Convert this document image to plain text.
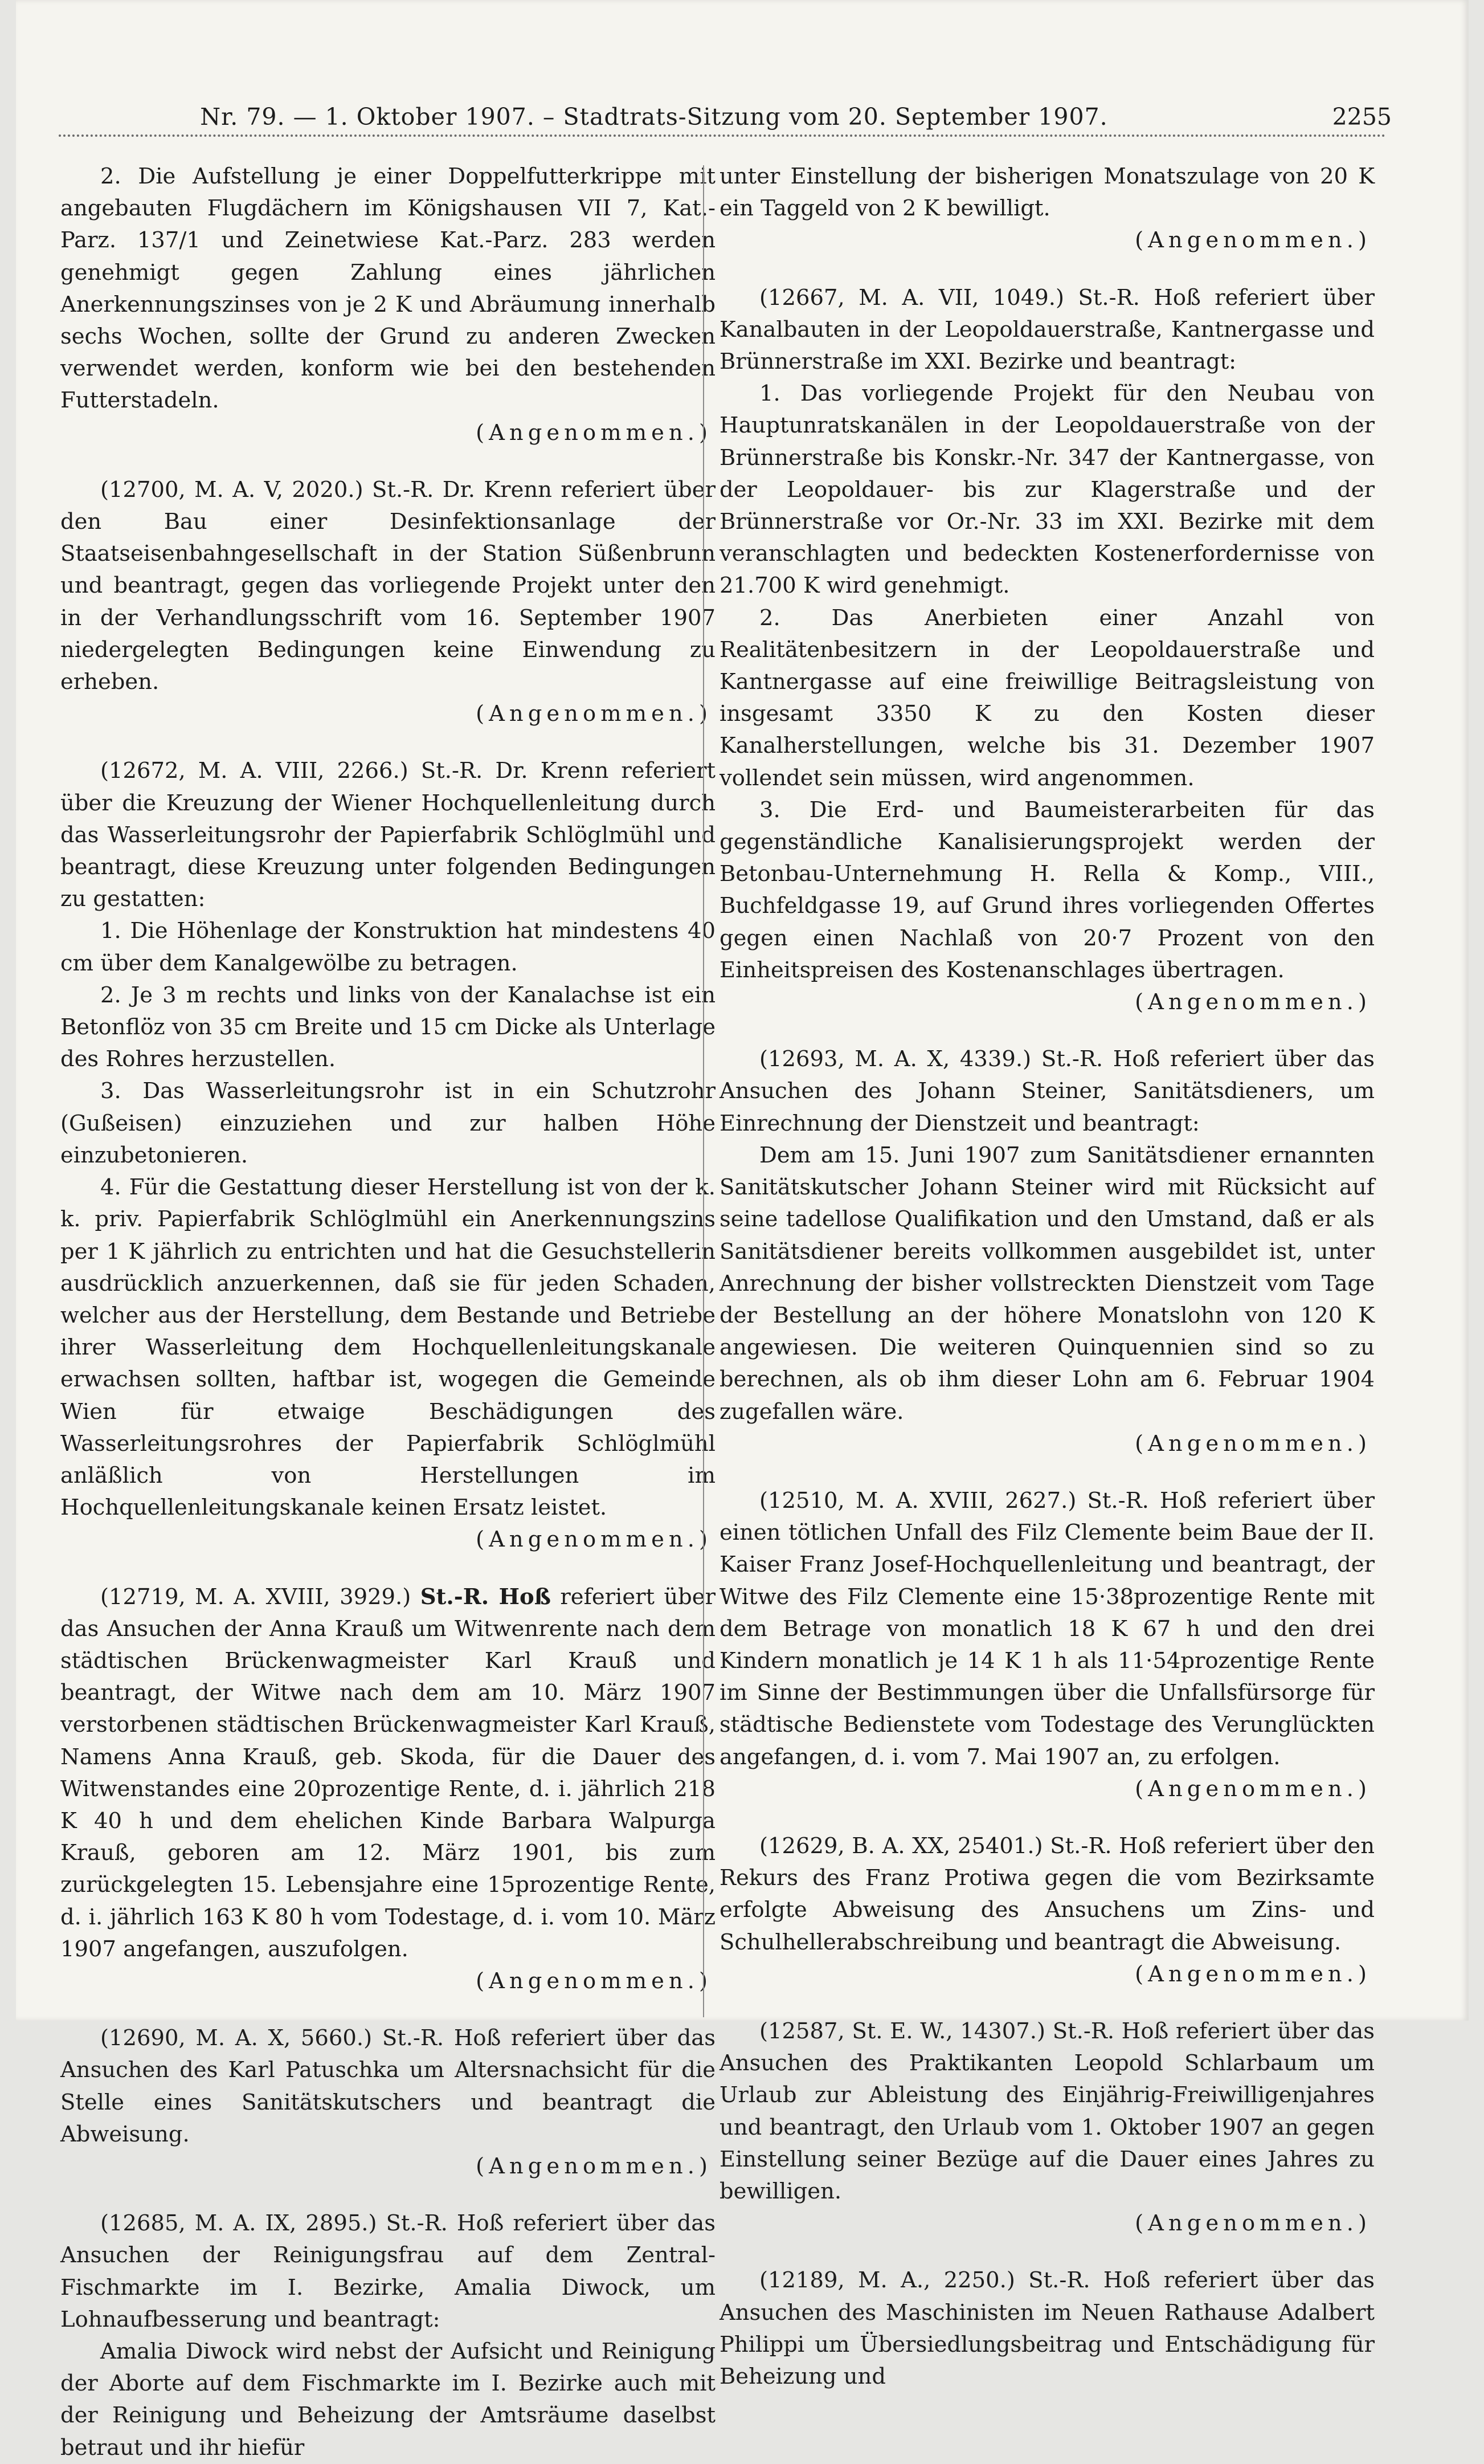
Nr. 79. — 1. Oktober 1907. – Stadtrats-Sitzung vom 20. September 1907.	2255

2. Die Aufstellung je einer Doppelfutterkrippe mit angebauten Flugdächern im Königshausen VII 7, Kat.-Parz. 137/1 und Zeinetwiese Kat.-Parz. 283 werden genehmigt gegen Zahlung eines jährlichen Anerkennungszinses von je 2 K und Abräumung innerhalb sechs Wochen, sollte der Grund zu anderen Zwecken verwendet werden, konform wie bei den bestehenden Futterstadeln.

(Angenommen.)

(12700, M. A. V, 2020.) St.-R. Dr. Krenn referiert über den Bau einer Desinfektionsanlage der Staatseisenbahngesellschaft in der Station Süßenbrunn und beantragt, gegen das vorliegende Projekt unter den in der Verhandlungsschrift vom 16. September 1907 niedergelegten Bedingungen keine Einwendung zu erheben.

(Angenommen.)

(12672, M. A. VIII, 2266.) St.-R. Dr. Krenn referiert über die Kreuzung der Wiener Hochquellenleitung durch das Wasserleitungsrohr der Papierfabrik Schlöglmühl und beantragt, diese Kreuzung unter folgenden Bedingungen zu gestatten:

1. Die Höhenlage der Konstruktion hat mindestens 40 cm über dem Kanalgewölbe zu betragen.

2. Je 3 m rechts und links von der Kanalachse ist ein Betonflöz von 35 cm Breite und 15 cm Dicke als Unterlage des Rohres herzustellen.

3. Das Wasserleitungsrohr ist in ein Schutzrohr (Gußeisen) einzuziehen und zur halben Höhe einzubetonieren.

4. Für die Gestattung dieser Herstellung ist von der k. k. priv. Papierfabrik Schlöglmühl ein Anerkennungszins per 1 K jährlich zu entrichten und hat die Gesuchstellerin ausdrücklich anzuerkennen, daß sie für jeden Schaden, welcher aus der Herstellung, dem Bestande und Betriebe ihrer Wasserleitung dem Hochquellenleitungskanale erwachsen sollten, haftbar ist, wogegen die Gemeinde Wien für etwaige Beschädigungen des Wasserleitungsrohres der Papierfabrik Schlöglmühl anläßlich von Herstellungen im Hochquellenleitungskanale keinen Ersatz leistet.

(Angenommen.)

(12719, M. A. XVIII, 3929.) St.-R. Hoß referiert über das Ansuchen der Anna Krauß um Witwenrente nach dem städtischen Brückenwagmeister Karl Krauß und beantragt, der Witwe nach dem am 10. März 1907 verstorbenen städtischen Brückenwagmeister Karl Krauß, Namens Anna Krauß, geb. Skoda, für die Dauer des Witwenstandes eine 20prozentige Rente, d. i. jährlich 218 K 40 h und dem ehelichen Kinde Barbara Walpurga Krauß, geboren am 12. März 1901, bis zum zurückgelegten 15. Lebensjahre eine 15prozentige Rente, d. i. jährlich 163 K 80 h vom Todestage, d. i. vom 10. März 1907 angefangen, auszufolgen.

(Angenommen.)

(12690, M. A. X, 5660.) St.-R. Hoß referiert über das Ansuchen des Karl Patuschka um Altersnachsicht für die Stelle eines Sanitätskutschers und beantragt die Abweisung.

(Angenommen.)

(12685, M. A. IX, 2895.) St.-R. Hoß referiert über das Ansuchen der Reinigungsfrau auf dem Zentral-Fischmarkte im I. Bezirke, Amalia Diwock, um Lohnaufbesserung und beantragt:

Amalia Diwock wird nebst der Aufsicht und Reinigung der Aborte auf dem Fischmarkte im I. Bezirke auch mit der Reinigung und Beheizung der Amtsräume daselbst betraut und ihr hiefür

unter Einstellung der bisherigen Monatszulage von 20 K ein Taggeld von 2 K bewilligt.

(Angenommen.)

(12667, M. A. VII, 1049.) St.-R. Hoß referiert über Kanalbauten in der Leopoldauerstraße, Kantnergasse und Brünnerstraße im XXI. Bezirke und beantragt:

1. Das vorliegende Projekt für den Neubau von Hauptunratskanälen in der Leopoldauerstraße von der Brünnerstraße bis Konskr.-Nr. 347 der Kantnergasse, von der Leopoldauer- bis zur Klagerstraße und der Brünnerstraße vor Or.-Nr. 33 im XXI. Bezirke mit dem veranschlagten und bedeckten Kostenerfordernisse von 21.700 K wird genehmigt.

2. Das Anerbieten einer Anzahl von Realitätenbesitzern in der Leopoldauerstraße und Kantnergasse auf eine freiwillige Beitragsleistung von insgesamt 3350 K zu den Kosten dieser Kanalherstellungen, welche bis 31. Dezember 1907 vollendet sein müssen, wird angenommen.

3. Die Erd- und Baumeisterarbeiten für das gegenständliche Kanalisierungsprojekt werden der Betonbau-Unternehmung H. Rella & Komp., VIII., Buchfeldgasse 19, auf Grund ihres vorliegenden Offertes gegen einen Nachlaß von 20·7 Prozent von den Einheitspreisen des Kostenanschlages übertragen.

(Angenommen.)

(12693, M. A. X, 4339.) St.-R. Hoß referiert über das Ansuchen des Johann Steiner, Sanitätsdieners, um Einrechnung der Dienstzeit und beantragt:

Dem am 15. Juni 1907 zum Sanitätsdiener ernannten Sanitätskutscher Johann Steiner wird mit Rücksicht auf seine tadellose Qualifikation und den Umstand, daß er als Sanitätsdiener bereits vollkommen ausgebildet ist, unter Anrechnung der bisher vollstreckten Dienstzeit vom Tage der Bestellung an der höhere Monatslohn von 120 K angewiesen. Die weiteren Quinquennien sind so zu berechnen, als ob ihm dieser Lohn am 6. Februar 1904 zugefallen wäre.

(Angenommen.)

(12510, M. A. XVIII, 2627.) St.-R. Hoß referiert über einen tötlichen Unfall des Filz Clemente beim Baue der II. Kaiser Franz Josef-Hochquellenleitung und beantragt, der Witwe des Filz Clemente eine 15·38prozentige Rente mit dem Betrage von monatlich 18 K 67 h und den drei Kindern monatlich je 14 K 1 h als 11·54prozentige Rente im Sinne der Bestimmungen über die Unfallsfürsorge für städtische Bedienstete vom Todestage des Verunglückten angefangen, d. i. vom 7. Mai 1907 an, zu erfolgen.

(Angenommen.)

(12629, B. A. XX, 25401.) St.-R. Hoß referiert über den Rekurs des Franz Protiwa gegen die vom Bezirksamte erfolgte Abweisung des Ansuchens um Zins- und Schulhellerabschreibung und beantragt die Abweisung.

(Angenommen.)

(12587, St. E. W., 14307.) St.-R. Hoß referiert über das Ansuchen des Praktikanten Leopold Schlarbaum um Urlaub zur Ableistung des Einjährig-Freiwilligenjahres und beantragt, den Urlaub vom 1. Oktober 1907 an gegen Einstellung seiner Bezüge auf die Dauer eines Jahres zu bewilligen.

(Angenommen.)

(12189, M. A., 2250.) St.-R. Hoß referiert über das Ansuchen des Maschinisten im Neuen Rathause Adalbert Philippi um Übersiedlungsbeitrag und Entschädigung für Beheizung und
